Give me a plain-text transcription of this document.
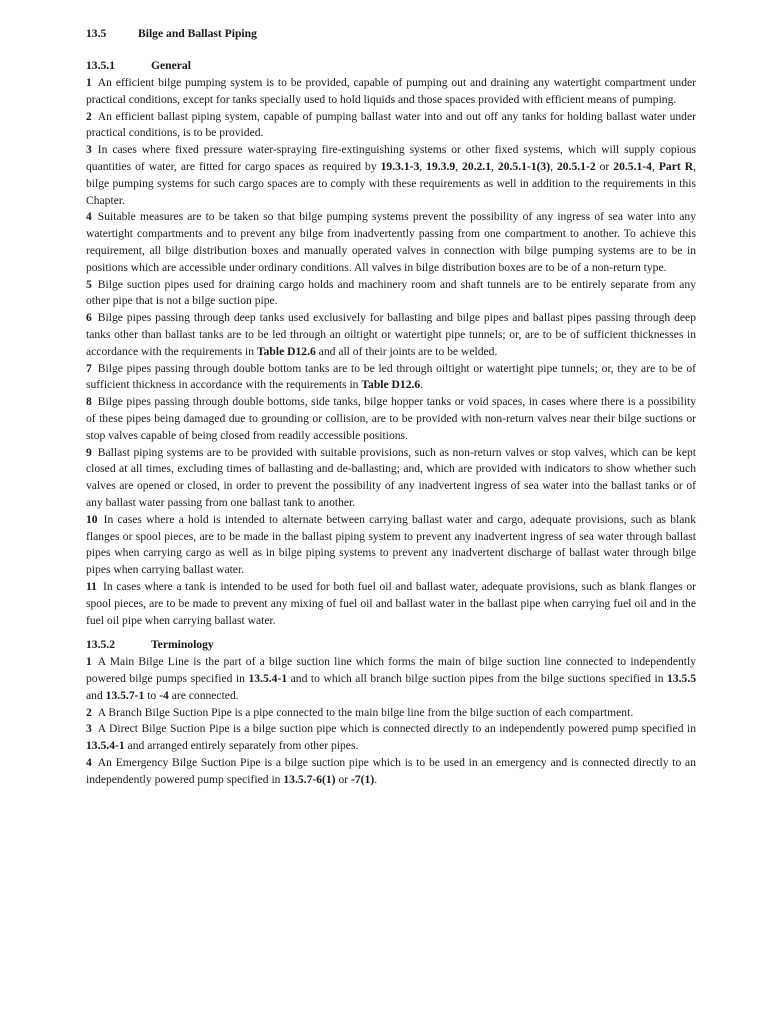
13.5	Bilge and Ballast Piping
13.5.1	General

1 An efficient bilge pumping system is to be provided, capable of pumping out and draining any watertight compartment under practical conditions, except for tanks specially used to hold liquids and those spaces provided with efficient means of pumping.

2 An efficient ballast piping system, capable of pumping ballast water into and out off any tanks for holding ballast water under practical conditions, is to be provided.

3 In cases where fixed pressure water-spraying fire-extinguishing systems or other fixed systems, which will supply copious quantities of water, are fitted for cargo spaces as required by 19.3.1-3, 19.3.9, 20.2.1, 20.5.1-1(3), 20.5.1-2 or 20.5.1-4, Part R, bilge pumping systems for such cargo spaces are to comply with these requirements as well in addition to the requirements in this Chapter.

4 Suitable measures are to be taken so that bilge pumping systems prevent the possibility of any ingress of sea water into any watertight compartments and to prevent any bilge from inadvertently passing from one compartment to another. To achieve this requirement, all bilge distribution boxes and manually operated valves in connection with bilge pumping systems are to be in positions which are accessible under ordinary conditions. All valves in bilge distribution boxes are to be of a non-return type.

5 Bilge suction pipes used for draining cargo holds and machinery room and shaft tunnels are to be entirely separate from any other pipe that is not a bilge suction pipe.

6 Bilge pipes passing through deep tanks used exclusively for ballasting and bilge pipes and ballast pipes passing through deep tanks other than ballast tanks are to be led through an oiltight or watertight pipe tunnels; or, are to be of sufficient thicknesses in accordance with the requirements in Table D12.6 and all of their joints are to be welded.

7 Bilge pipes passing through double bottom tanks are to be led through oiltight or watertight pipe tunnels; or, they are to be of sufficient thickness in accordance with the requirements in Table D12.6.

8 Bilge pipes passing through double bottoms, side tanks, bilge hopper tanks or void spaces, in cases where there is a possibility of these pipes being damaged due to grounding or collision, are to be provided with non-return valves near their bilge suctions or stop valves capable of being closed from readily accessible positions.

9 Ballast piping systems are to be provided with suitable provisions, such as non-return valves or stop valves, which can be kept closed at all times, excluding times of ballasting and de-ballasting; and, which are provided with indicators to show whether such valves are opened or closed, in order to prevent the possibility of any inadvertent ingress of sea water into the ballast tanks or of any ballast water passing from one ballast tank to another.

10 In cases where a hold is intended to alternate between carrying ballast water and cargo, adequate provisions, such as blank flanges or spool pieces, are to be made in the ballast piping system to prevent any inadvertent ingress of sea water through ballast pipes when carrying cargo as well as in bilge piping systems to prevent any inadvertent discharge of ballast water through bilge pipes when carrying ballast water.

11 In cases where a tank is intended to be used for both fuel oil and ballast water, adequate provisions, such as blank flanges or spool pieces, are to be made to prevent any mixing of fuel oil and ballast water in the ballast pipe when carrying fuel oil and in the fuel oil pipe when carrying ballast water.

13.5.2	Terminology

1 A Main Bilge Line is the part of a bilge suction line which forms the main of bilge suction line connected to independently powered bilge pumps specified in 13.5.4-1 and to which all branch bilge suction pipes from the bilge suctions specified in 13.5.5 and 13.5.7-1 to -4 are connected.

2 A Branch Bilge Suction Pipe is a pipe connected to the main bilge line from the bilge suction of each compartment.

3 A Direct Bilge Suction Pipe is a bilge suction pipe which is connected directly to an independently powered pump specified in 13.5.4-1 and arranged entirely separately from other pipes.

4 An Emergency Bilge Suction Pipe is a bilge suction pipe which is to be used in an emergency and is connected directly to an independently powered pump specified in 13.5.7-6(1) or -7(1).
